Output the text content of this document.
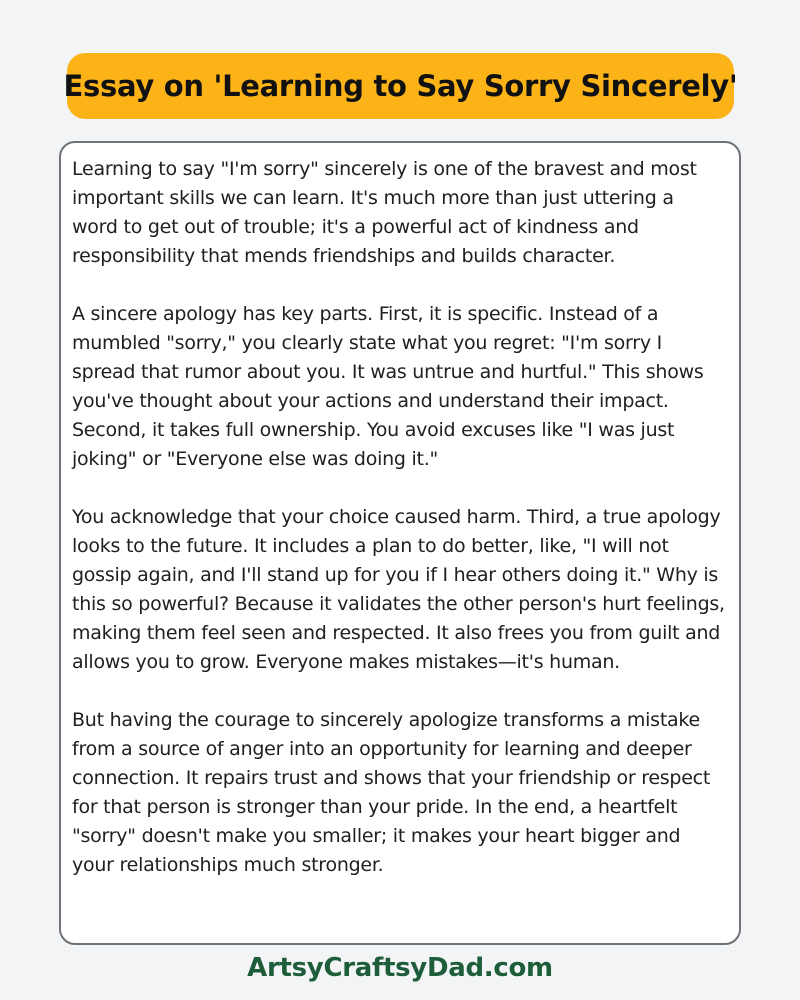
Essay on 'Learning to Say Sorry Sincerely'

Learning to say "I'm sorry" sincerely is one of the bravest and most important skills we can learn. It's much more than just uttering a word to get out of trouble; it's a powerful act of kindness and responsibility that mends friendships and builds character.

A sincere apology has key parts. First, it is specific. Instead of a mumbled "sorry," you clearly state what you regret: "I'm sorry I spread that rumor about you. It was untrue and hurtful." This shows you've thought about your actions and understand their impact. Second, it takes full ownership. You avoid excuses like "I was just joking" or "Everyone else was doing it."

You acknowledge that your choice caused harm. Third, a true apology looks to the future. It includes a plan to do better, like, "I will not gossip again, and I'll stand up for you if I hear others doing it." Why is this so powerful? Because it validates the other person's hurt feelings, making them feel seen and respected. It also frees you from guilt and allows you to grow. Everyone makes mistakes—it's human.

But having the courage to sincerely apologize transforms a mistake from a source of anger into an opportunity for learning and deeper connection. It repairs trust and shows that your friendship or respect for that person is stronger than your pride. In the end, a heartfelt "sorry" doesn't make you smaller; it makes your heart bigger and your relationships much stronger.

ArtsyCraftsyDad.com
